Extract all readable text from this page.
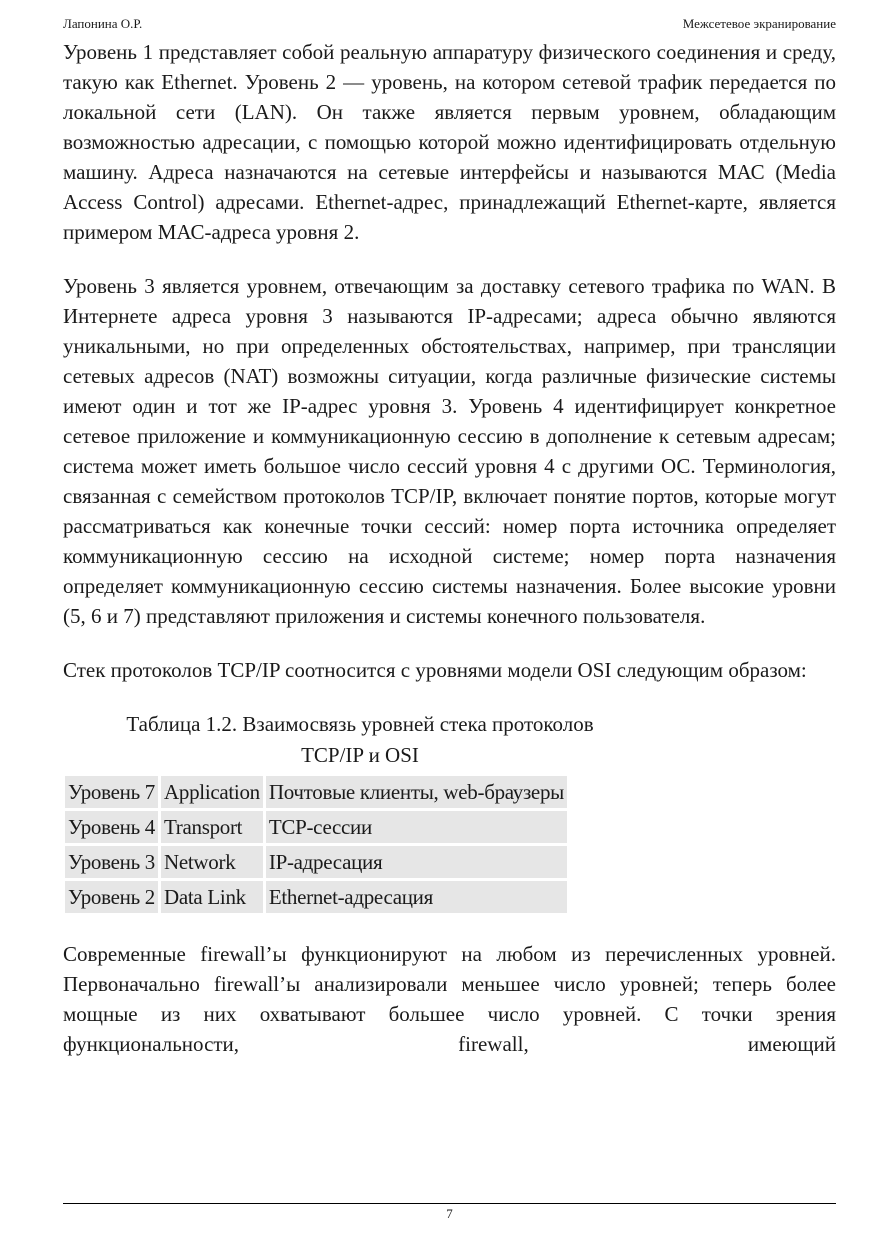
Лапонина О.Р.	Межсетевое экранирование

Уровень 1 представляет собой реальную аппаратуру физического соединения и среду, такую как Ethernet. Уровень 2 — уровень, на котором сетевой трафик передается по локальной сети (LAN). Он также является первым уровнем, обладающим возможностью адресации, с помощью которой можно идентифицировать отдельную машину. Адреса назначаются на сетевые интерфейсы и называются МАС (Media Access Control) адресами. Ethernet-адрес, принадлежащий Ethernet-карте, является примером МАС-адреса уровня 2.

Уровень 3 является уровнем, отвечающим за доставку сетевого трафика по WAN. В Интернете адреса уровня 3 называются IP-адресами; адреса обычно являются уникальными, но при определенных обстоятельствах, например, при трансляции сетевых адресов (NAT) возможны ситуации, когда различные физические системы имеют один и тот же IP-адрес уровня 3. Уровень 4 идентифицирует конкретное сетевое приложение и коммуникационную сессию в дополнение к сетевым адресам; система может иметь большое число сессий уровня 4 с другими ОС. Терминология, связанная с семейством протоколов TCP/IP, включает понятие портов, которые могут рассматриваться как конечные точки сессий: номер порта источника определяет коммуникационную сессию на исходной системе; номер порта назначения определяет коммуникационную сессию системы назначения. Более высокие уровни (5, 6 и 7) представляют приложения и системы конечного пользователя.

Стек протоколов TCP/IP соотносится с уровнями модели OSI следующим образом:

Таблица 1.2. Взаимосвязь уровней стека протоколов
TCP/IP и OSI
Уровень 7	Application	Почтовые клиенты, web-браузеры
Уровень 4	Transport	TCP-сессии
Уровень 3	Network	IP-адресация
Уровень 2	Data Link	Ethernet-адресация

Современные firewall’ы функционируют на любом из перечисленных уровней. Первоначально firewall’ы анализировали меньшее число уровней; теперь более мощные из них охватывают большее число уровней. С точки зрения функциональности, firewall, имеющий

7
